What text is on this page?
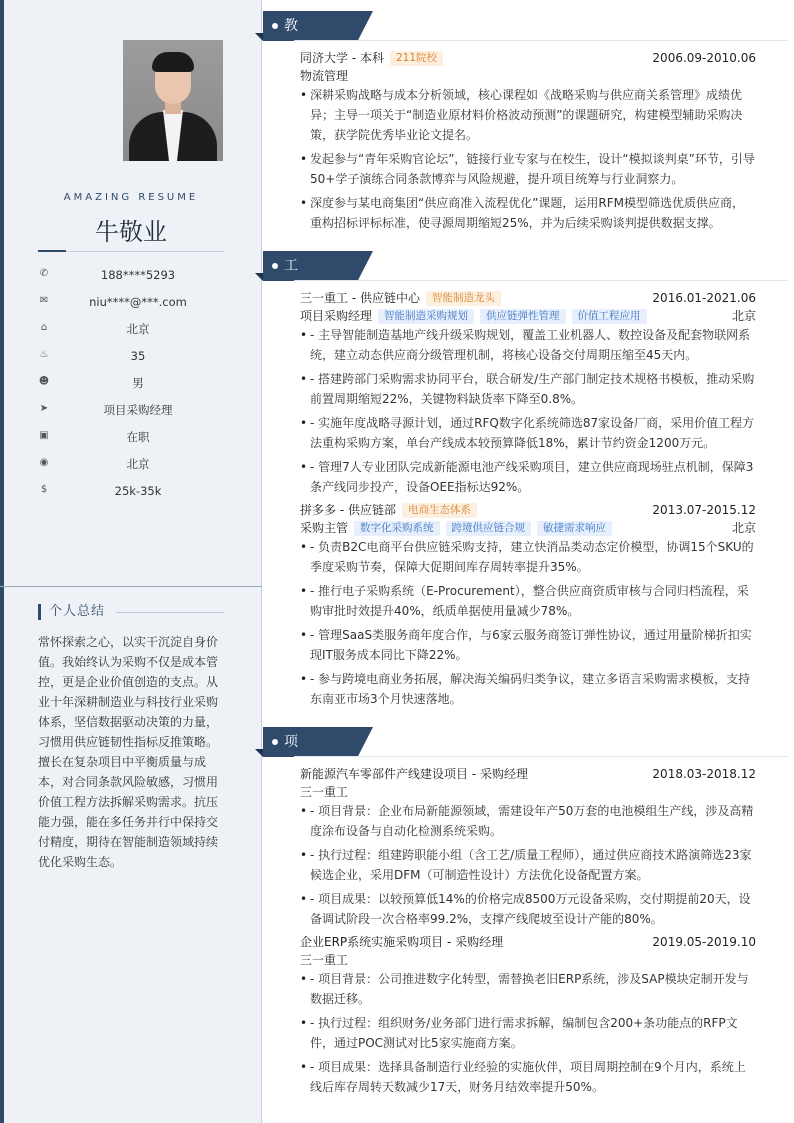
AMAZING RESUME
牛敬业
✆	188****5293
✉	niu****@***.com
⌂	北京
♨	35
☻	男
➤	项目采购经理
▣	在职
◉	北京
$	25k-35k
个人总结
常怀探索之心，以实干沉淀自身价值。我始终认为采购不仅是成本管控，更是企业价值创造的支点。从业十年深耕制造业与科技行业采购体系，坚信数据驱动决策的力量，习惯用供应链韧性指标反推策略。擅长在复杂项目中平衡质量与成本，对合同条款风险敏感，习惯用价值工程方法拆解采购需求。抗压能力强，能在多任务并行中保持交付精度，期待在智能制造领域持续优化采购生态。
教育经历
同济大学 - 本科 211院校	2006.09-2010.06
物流管理
• 深耕采购战略与成本分析领域，核心课程如《战略采购与供应商关系管理》成绩优异；主导一项关于“制造业原材料价格波动预测”的课题研究，构建模型辅助采购决策，获学院优秀毕业论文提名。
• 发起参与“青年采购官论坛”，链接行业专家与在校生，设计“模拟谈判桌”环节，引导50+学子演练合同条款博弈与风险规避，提升项目统筹与行业洞察力。
• 深度参与某电商集团“供应商准入流程优化”课题，运用RFM模型筛选优质供应商，重构招标评标标准，使寻源周期缩短25%，并为后续采购谈判提供数据支撑。
工作经历
三一重工 - 供应链中心 智能制造龙头	2016.01-2021.06
项目采购经理 智能制造采购规划 供应链弹性管理 价值工程应用	北京
• - 主导智能制造基地产线升级采购规划，覆盖工业机器人、数控设备及配套物联网系统，建立动态供应商分级管理机制，将核心设备交付周期压缩至45天内。
• - 搭建跨部门采购需求协同平台，联合研发/生产部门制定技术规格书模板，推动采购前置周期缩短22%，关键物料缺货率下降至0.8%。
• - 实施年度战略寻源计划，通过RFQ数字化系统筛选87家设备厂商，采用价值工程方法重构采购方案，单台产线成本较预算降低18%，累计节约资金1200万元。
• - 管理7人专业团队完成新能源电池产线采购项目，建立供应商现场驻点机制，保障3条产线同步投产，设备OEE指标达92%。
拼多多 - 供应链部 电商生态体系	2013.07-2015.12
采购主管 数字化采购系统 跨境供应链合规 敏捷需求响应	北京
• - 负责B2C电商平台供应链采购支持，建立快消品类动态定价模型，协调15个SKU的季度采购节奏，保障大促期间库存周转率提升35%。
• - 推行电子采购系统（E-Procurement），整合供应商资质审核与合同归档流程，采购审批时效提升40%，纸质单据使用量减少78%。
• - 管理SaaS类服务商年度合作，与6家云服务商签订弹性协议，通过用量阶梯折扣实现IT服务成本同比下降22%。
• - 参与跨境电商业务拓展，解决海关编码归类争议，建立多语言采购需求模板，支持东南亚市场3个月快速落地。
项目经历
新能源汽车零部件产线建设项目 - 采购经理	2018.03-2018.12
三一重工
• - 项目背景：企业布局新能源领域，需建设年产50万套的电池模组生产线，涉及高精度涂布设备与自动化检测系统采购。
• - 执行过程：组建跨职能小组（含工艺/质量工程师），通过供应商技术路演筛选23家候选企业，采用DFM（可制造性设计）方法优化设备配置方案。
• - 项目成果：以较预算低14%的价格完成8500万元设备采购，交付期提前20天，设备调试阶段一次合格率99.2%，支撑产线爬坡至设计产能的80%。
企业ERP系统实施采购项目 - 采购经理	2019.05-2019.10
三一重工
• - 项目背景：公司推进数字化转型，需替换老旧ERP系统，涉及SAP模块定制开发与数据迁移。
• - 执行过程：组织财务/业务部门进行需求拆解，编制包含200+条功能点的RFP文件，通过POC测试对比5家实施商方案。
• - 项目成果：选择具备制造行业经验的实施伙伴，项目周期控制在9个月内，系统上线后库存周转天数减少17天，财务月结效率提升50%。
